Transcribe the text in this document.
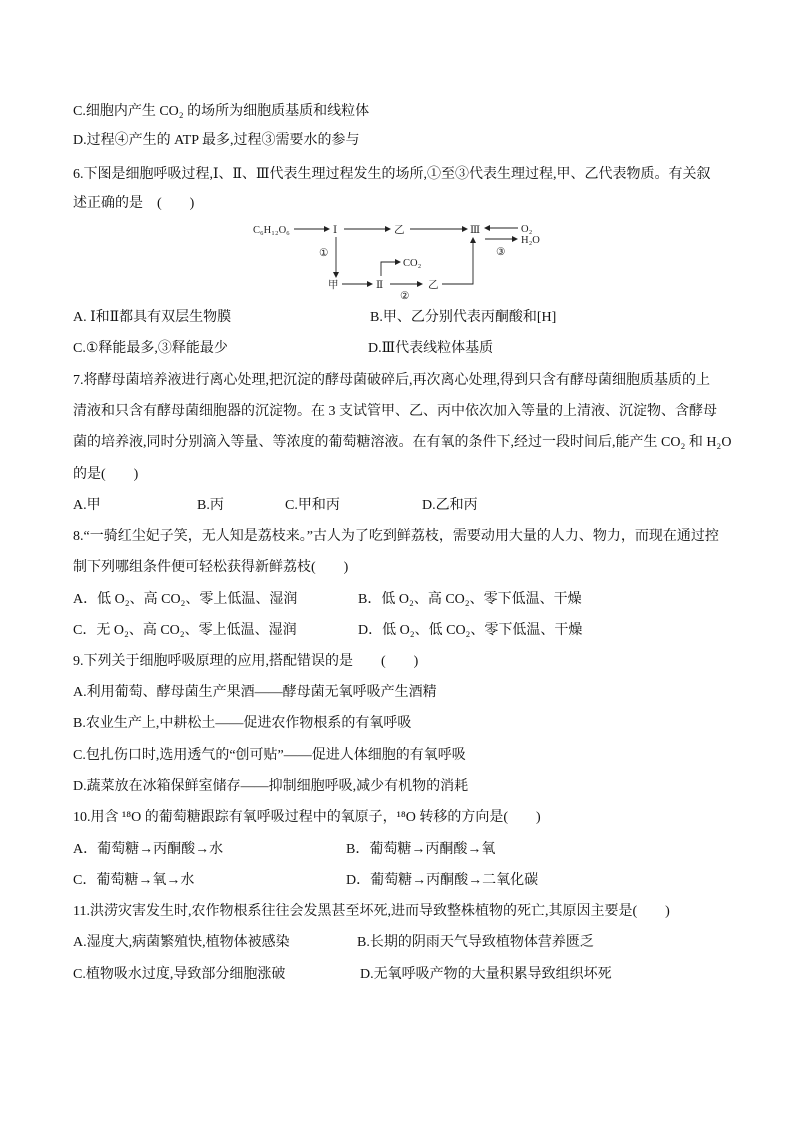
C.细胞内产生 CO₂ 的场所为细胞质基质和线粒体
D.过程④产生的 ATP 最多,过程③需要水的参与
6.下图是细胞呼吸过程,Ⅰ、Ⅱ、Ⅲ代表生理过程发生的场所,①至③代表生理过程,甲、乙代表物质。有关叙
述正确的是　(　　)
C₆H₁₂O₆	Ⅰ	乙	Ⅲ	O₂
H₂O
③
①
甲	Ⅱ
CO₂
②
乙
A. Ⅰ和Ⅱ都具有双层生物膜	B.甲、乙分别代表丙酮酸和[H]
C.①释能最多,③释能最少	D.Ⅲ代表线粒体基质
7.将酵母菌培养液进行离心处理,把沉淀的酵母菌破碎后,再次离心处理,得到只含有酵母菌细胞质基质的上
清液和只含有酵母菌细胞器的沉淀物。在 3 支试管甲、乙、丙中依次加入等量的上清液、沉淀物、含酵母
菌的培养液,同时分别滴入等量、等浓度的葡萄糖溶液。在有氧的条件下,经过一段时间后,能产生 CO₂ 和 H₂O
的是(　　)
A.甲	B.丙	C.甲和丙	D.乙和丙
8.“一骑红尘妃子笑，无人知是荔枝来。”古人为了吃到鲜荔枝，需要动用大量的人力、物力，而现在通过控
制下列哪组条件便可轻松获得新鲜荔枝(　　)
A．低 O₂、高 CO₂、零上低温、湿润	B．低 O₂、高 CO₂、零下低温、干燥
C．无 O₂、高 CO₂、零上低温、湿润	D．低 O₂、低 CO₂、零下低温、干燥
9.下列关于细胞呼吸原理的应用,搭配错误的是　　(　　)
A.利用葡萄、酵母菌生产果酒——酵母菌无氧呼吸产生酒精
B.农业生产上,中耕松土——促进农作物根系的有氧呼吸
C.包扎伤口时,选用透气的“创可贴”——促进人体细胞的有氧呼吸
D.蔬菜放在冰箱保鲜室储存——抑制细胞呼吸,减少有机物的消耗
10.用含 ¹⁸O 的葡萄糖跟踪有氧呼吸过程中的氧原子，¹⁸O 转移的方向是(　　)
A．葡萄糖→丙酮酸→水	B．葡萄糖→丙酮酸→氧
C．葡萄糖→氧→水	D．葡萄糖→丙酮酸→二氧化碳
11.洪涝灾害发生时,农作物根系往往会发黑甚至坏死,进而导致整株植物的死亡,其原因主要是(　　)
A.湿度大,病菌繁殖快,植物体被感染	B.长期的阴雨天气导致植物体营养匮乏
C.植物吸水过度,导致部分细胞涨破	D.无氧呼吸产物的大量积累导致组织坏死
